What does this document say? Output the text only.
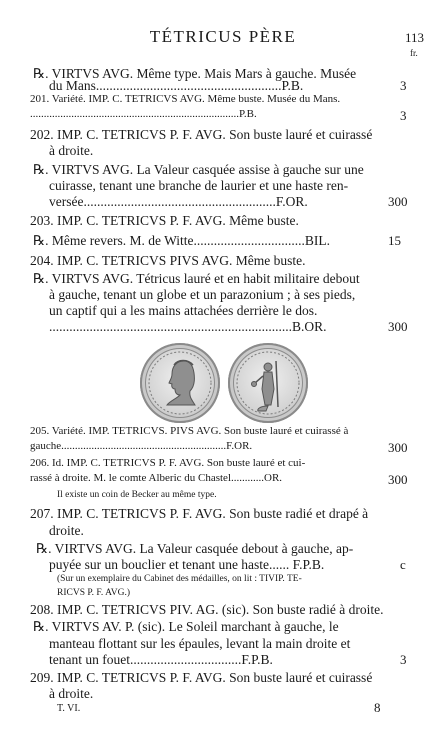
TÉTRICUS PÈRE	113
fr.
℞. VIRTVS AVG. Même type. Mais Mars à gauche. Musée
du Mans.......................................................P.B.	3
201. Variété. IMP. C. TETRICVS AVG. Même buste. Musée du Mans.
............................................................................P.B.	3
202. IMP. C. TETRICVS P. F. AVG. Son buste lauré et cuirassé
à droite.
℞. VIRTVS AVG. La Valeur casquée assise à gauche sur une
cuirasse, tenant une branche de laurier et une haste ren-
versée.........................................................F.OR.	300
203. IMP. C. TETRICVS P. F. AVG. Même buste.
℞. Même revers. M. de Witte.................................BIL.	15
204. IMP. C. TETRICVS PIVS AVG. Même buste.
℞. VIRTVS AVG. Tétricus lauré et en habit militaire debout
à gauche, tenant un globe et un parazonium ; à ses pieds,
un captif qui a les mains attachées derrière le dos.
........................................................................B.OR.	300
205. Variété. IMP. TETRICVS. PIVS AVG. Son buste lauré et cuirassé à
gauche............................................................F.OR.	300
206. Id. IMP. C. TETRICVS P. F. AVG. Son buste lauré et cui-
rassé à droite. M. le comte Alberic du Chastel............OR.	300
Il existe un coin de Becker au même type.
207. IMP. C. TETRICVS P. F. AVG. Son buste radié et drapé à
droite.
℞. VIRTVS AVG. La Valeur casquée debout à gauche, ap-
puyée sur un bouclier et tenant une haste...... F.P.B.	c
(Sur un exemplaire du Cabinet des médailles, on lit : TIVIP. TE-
RICVS P. F. AVG.)
208. IMP. C. TETRICVS PIV. AG. (sic). Son buste radié à droite.
℞. VIRTVS AV. P. (sic). Le Soleil marchant à gauche, le
manteau flottant sur les épaules, levant la main droite et
tenant un fouet.................................F.P.B.	3
209. IMP. C. TETRICVS P. F. AVG. Son buste lauré et cuirassé
à droite.
T. VI.	8
